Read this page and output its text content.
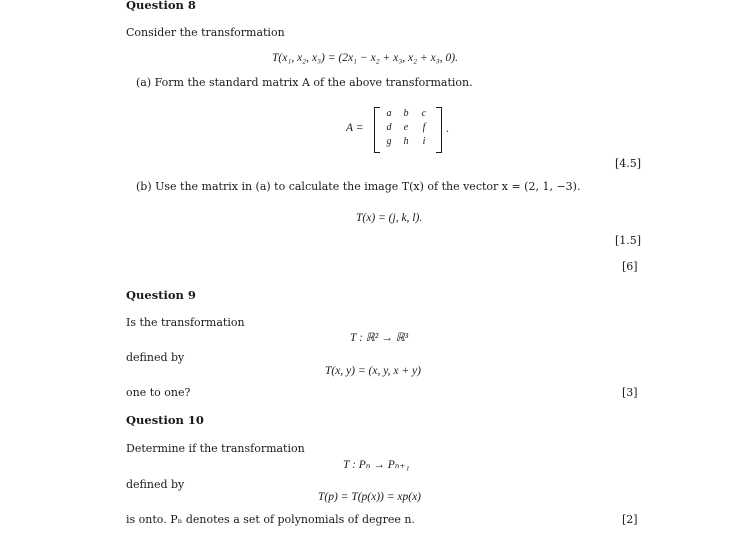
Question 8
Consider the transformation
T(x₁, x₂, x₃) = (2x₁ − x₂ + x₃, x₂ + x₃, 0).
(a) Form the standard matrix A of the above transformation.
A =
a	b	c
d	e	f
g	h	i
.
[4.5]
(b) Use the matrix in (a) to calculate the image T(x) of the vector x = (2, 1, −3).
T(x) = (j, k, l).
[1.5]
[6]
Question 9
Is the transformation
T : ℝ² → ℝ³
defined by
T(x, y) = (x, y, x + y)
one to one?	[3]
Question 10
Determine if the transformation
T : Pₙ → Pₙ₊₁
defined by
T(p) = T(p(x)) = xp(x)
is onto. Pₙ denotes a set of polynomials of degree n.	[2]
